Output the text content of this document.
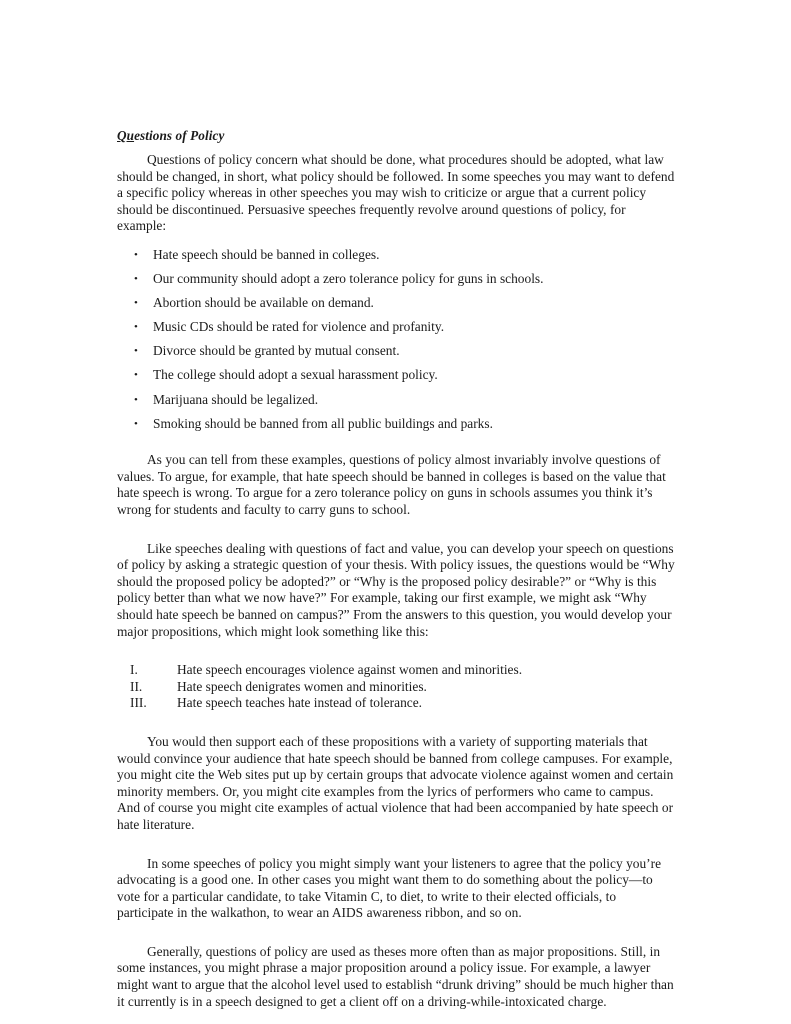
Questions of Policy

Questions of policy concern what should be done, what procedures should be adopted, what law should be changed, in short, what policy should be followed. In some speeches you may want to defend a specific policy whereas in other speeches you may wish to criticize or argue that a current policy should be discontinued. Persuasive speeches frequently revolve around questions of policy, for example:

• Hate speech should be banned in colleges.
• Our community should adopt a zero tolerance policy for guns in schools.
• Abortion should be available on demand.
• Music CDs should be rated for violence and profanity.
• Divorce should be granted by mutual consent.
• The college should adopt a sexual harassment policy.
• Marijuana should be legalized.
• Smoking should be banned from all public buildings and parks.

As you can tell from these examples, questions of policy almost invariably involve questions of values. To argue, for example, that hate speech should be banned in colleges is based on the value that hate speech is wrong. To argue for a zero tolerance policy on guns in schools assumes you think it’s wrong for students and faculty to carry guns to school.

Like speeches dealing with questions of fact and value, you can develop your speech on questions of policy by asking a strategic question of your thesis. With policy issues, the questions would be “Why should the proposed policy be adopted?” or “Why is the proposed policy desirable?” or “Why is this policy better than what we now have?” For example, taking our first example, we might ask “Why should hate speech be banned on campus?” From the answers to this question, you would develop your major propositions, which might look something like this:

I.	Hate speech encourages violence against women and minorities.
II.	Hate speech denigrates women and minorities.
III. Hate speech teaches hate instead of tolerance.

You would then support each of these propositions with a variety of supporting materials that would convince your audience that hate speech should be banned from college campuses. For example, you might cite the Web sites put up by certain groups that advocate violence against women and certain minority members. Or, you might cite examples from the lyrics of performers who came to campus. And of course you might cite examples of actual violence that had been accompanied by hate speech or hate literature.

In some speeches of policy you might simply want your listeners to agree that the policy you’re advocating is a good one. In other cases you might want them to do something about the policy—to vote for a particular candidate, to take Vitamin C, to diet, to write to their elected officials, to participate in the walkathon, to wear an AIDS awareness ribbon, and so on.

Generally, questions of policy are used as theses more often than as major propositions. Still, in some instances, you might phrase a major proposition around a policy issue. For example, a lawyer might want to argue that the alcohol level used to establish “drunk driving” should be much higher than it currently is in a speech designed to get a client off on a driving-while-intoxicated charge.
